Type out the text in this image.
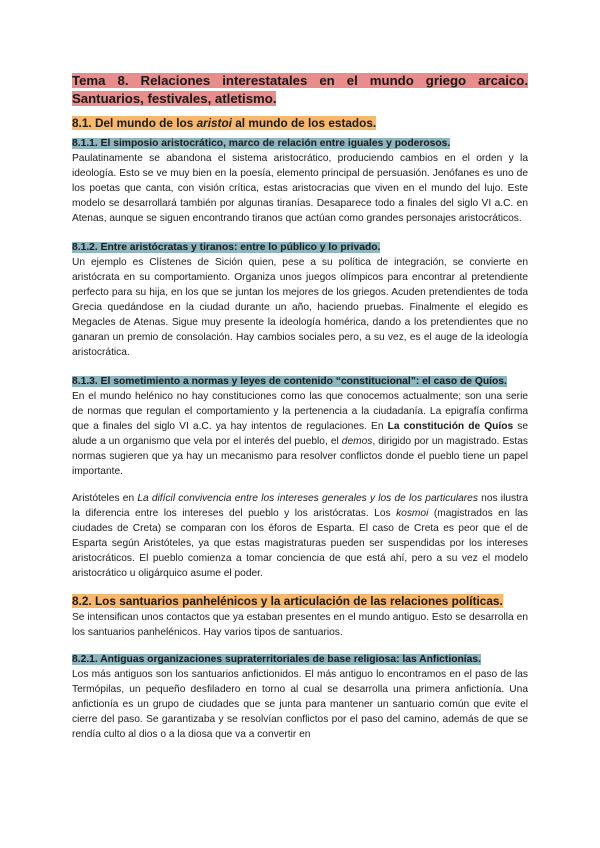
Tema 8. Relaciones interestatales en el mundo griego arcaico. Santuarios, festivales, atletismo.
8.1. Del mundo de los aristoi al mundo de los estados.
8.1.1. El simposio aristocrático, marco de relación entre iguales y poderosos.

Paulatinamente se abandona el sistema aristocrático, produciendo cambios en el orden y la ideología. Esto se ve muy bien en la poesía, elemento principal de persuasión. Jenófanes es uno de los poetas que canta, con visión crítica, estas aristocracias que viven en el mundo del lujo. Este modelo se desarrollará también por algunas tiranías. Desaparece todo a finales del siglo VI a.C. en Atenas, aunque se siguen encontrando tiranos que actúan como grandes personajes aristocráticos.

8.1.2. Entre aristócratas y tiranos: entre lo público y lo privado.

Un ejemplo es Clístenes de Sición quien, pese a su política de integración, se convierte en aristócrata en su comportamiento. Organiza unos juegos olímpicos para encontrar al pretendiente perfecto para su hija, en los que se juntan los mejores de los griegos. Acuden pretendientes de toda Grecia quedándose en la ciudad durante un año, haciendo pruebas. Finalmente el elegido es Megacles de Atenas. Sigue muy presente la ideología homérica, dando a los pretendientes que no ganaran un premio de consolación. Hay cambios sociales pero, a su vez, es el auge de la ideología aristocrática.

8.1.3. El sometimiento a normas y leyes de contenido “constitucional”: el caso de Quíos.

En el mundo helénico no hay constituciones como las que conocemos actualmente; son una serie de normas que regulan el comportamiento y la pertenencia a la ciudadanía. La epigrafía confirma que a finales del siglo VI a.C. ya hay intentos de regulaciones. En La constitución de Quíos se alude a un organismo que vela por el interés del pueblo, el demos, dirigido por un magistrado. Estas normas sugieren que ya hay un mecanismo para resolver conflictos donde el pueblo tiene un papel importante.

Aristóteles en La difícil convivencia entre los intereses generales y los de los particulares nos ilustra la diferencia entre los intereses del pueblo y los aristócratas. Los kosmoi (magistrados en las ciudades de Creta) se comparan con los éforos de Esparta. El caso de Creta es peor que el de Esparta según Aristóteles, ya que estas magistraturas pueden ser suspendidas por los intereses aristocráticos. El pueblo comienza a tomar conciencia de que está ahí, pero a su vez el modelo aristocrático u oligárquico asume el poder.

8.2. Los santuarios panhelénicos y la articulación de las relaciones políticas.

Se intensifican unos contactos que ya estaban presentes en el mundo antiguo. Esto se desarrolla en los santuarios panhelénicos. Hay varios tipos de santuarios.

8.2.1. Antiguas organizaciones supraterritoriales de base religiosa: las Anfictionías.

Los más antiguos son los santuarios anfictionidos. El más antiguo lo encontramos en el paso de las Termópilas, un pequeño desfiladero en torno al cual se desarrolla una primera anfictionía. Una anfictionía es un grupo de ciudades que se junta para mantener un santuario común que evite el cierre del paso. Se garantizaba y se resolvían conflictos por el paso del camino, además de que se rendía culto al dios o a la diosa que va a convertir en
